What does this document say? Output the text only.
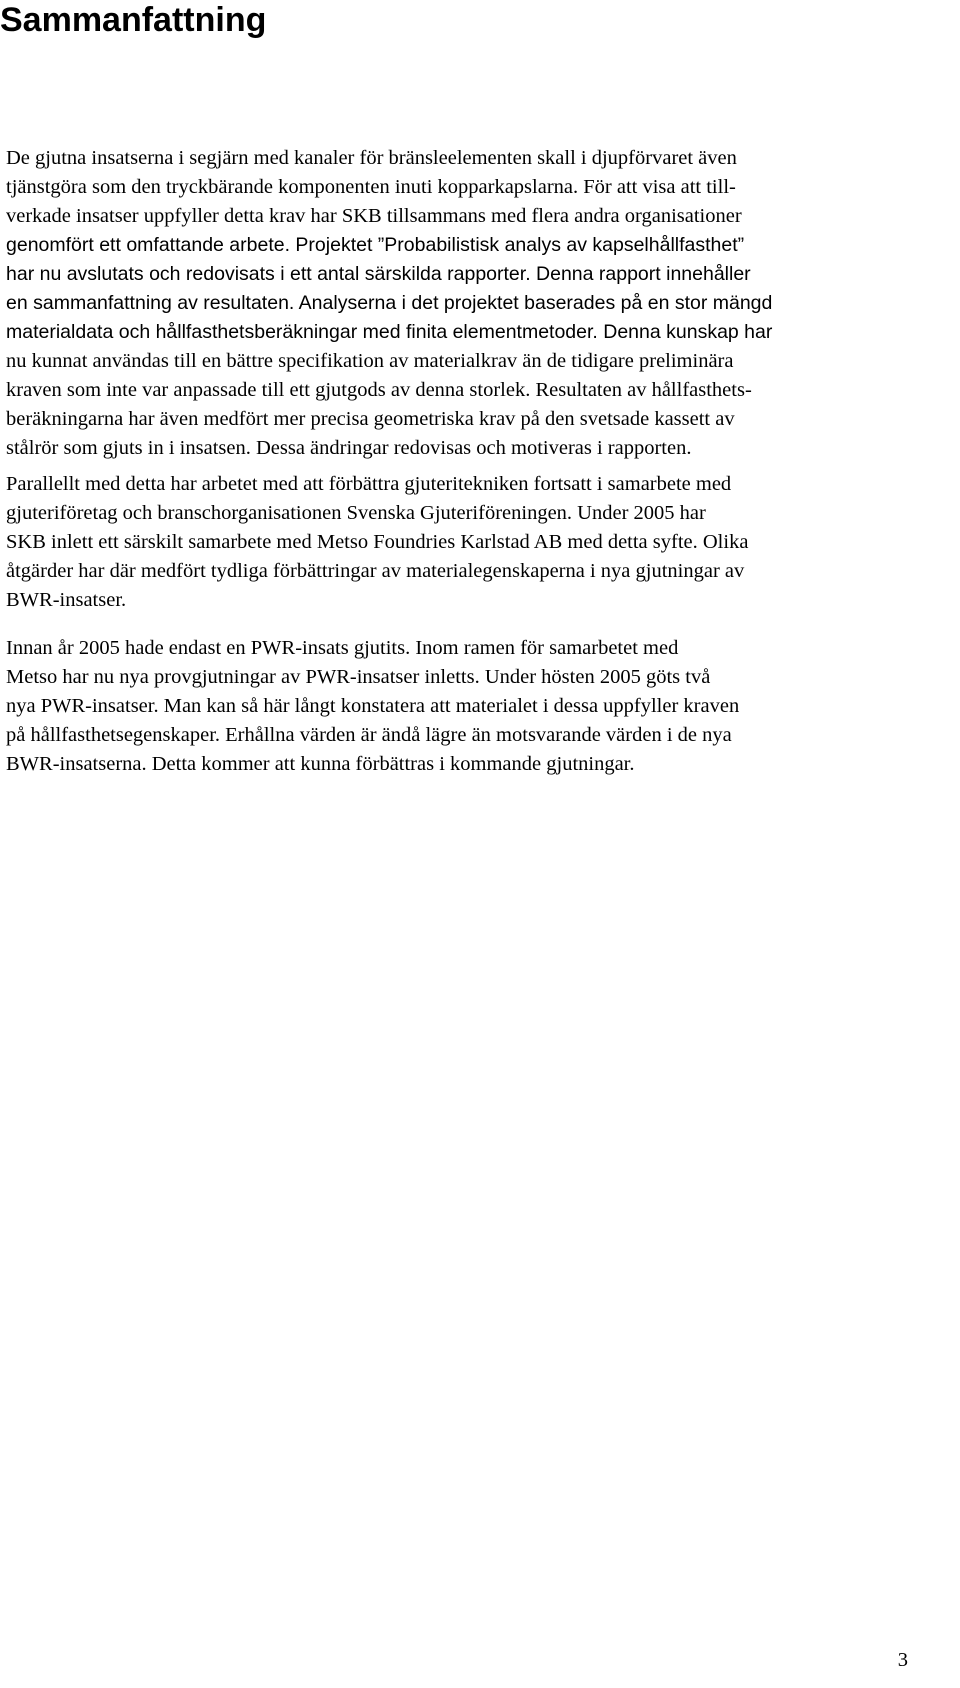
Sammanfattning
De gjutna insatserna i segjärn med kanaler för bränsleelementen skall i djupförvaret även
tjänstgöra som den tryckbärande komponenten inuti kopparkapslarna. För att visa att till-
verkade insatser uppfyller detta krav har SKB tillsammans med flera andra organisationer
genomfört ett omfattande arbete. Projektet ”Probabilistisk analys av kapselhållfasthet”
har nu avslutats och redovisats i ett antal särskilda rapporter. Denna rapport innehåller
en sammanfattning av resultaten. Analyserna i det projektet baserades på en stor mängd
materialdata och hållfasthetsberäkningar med finita elementmetoder. Denna kunskap har
nu kunnat användas till en bättre specifikation av materialkrav än de tidigare preliminära
kraven som inte var anpassade till ett gjutgods av denna storlek. Resultaten av hållfasthets-
beräkningarna har även medfört mer precisa geometriska krav på den svetsade kassett av
stålrör som gjuts in i insatsen. Dessa ändringar redovisas och motiveras i rapporten.
Parallellt med detta har arbetet med att förbättra gjuteritekniken fortsatt i samarbete med
gjuteriföretag och branschorganisationen Svenska Gjuteriföreningen. Under 2005 har
SKB inlett ett särskilt samarbete med Metso Foundries Karlstad AB med detta syfte. Olika
åtgärder har där medfört tydliga förbättringar av materialegenskaperna i nya gjutningar av
BWR-insatser.
Innan år 2005 hade endast en PWR-insats gjutits. Inom ramen för samarbetet med
Metso har nu nya provgjutningar av PWR-insatser inletts. Under hösten 2005 göts två
nya PWR-insatser. Man kan så här långt konstatera att materialet i dessa uppfyller kraven
på hållfasthetsegenskaper. Erhållna värden är ändå lägre än motsvarande värden i de nya
BWR-insatserna. Detta kommer att kunna förbättras i kommande gjutningar.
3
